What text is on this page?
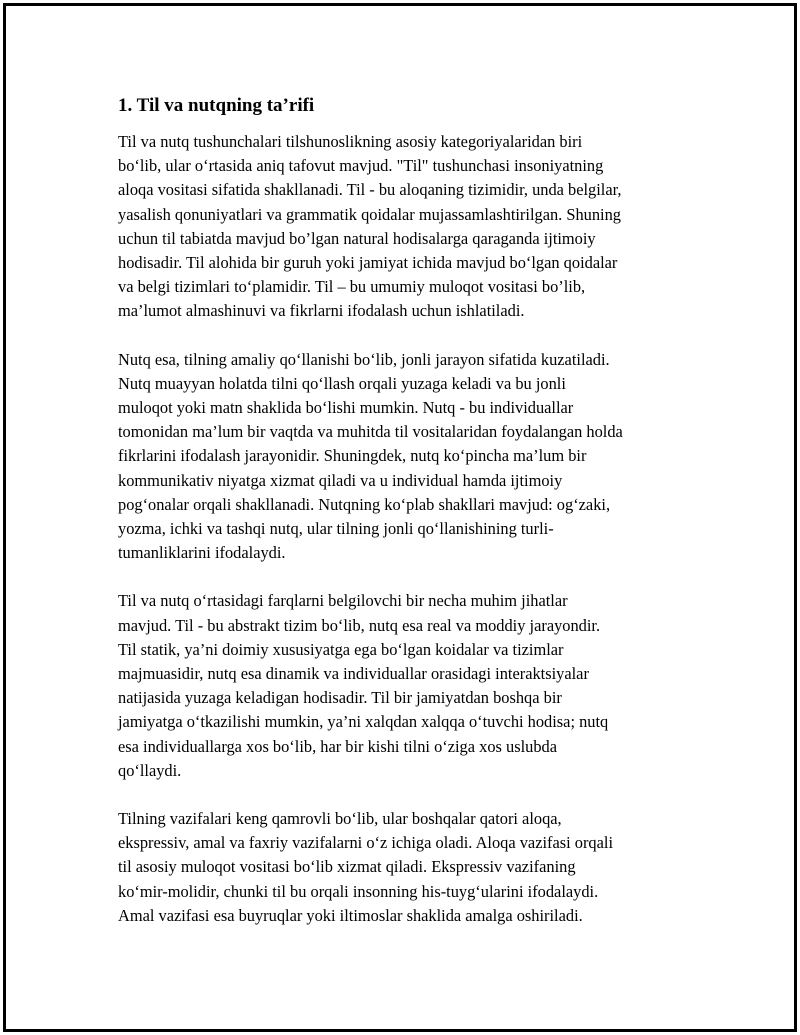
1. Til va nutqning ta’rifi

Til va nutq tushunchalari tilshunoslikning asosiy kategoriyalaridan biri
bo‘lib, ular o‘rtasida aniq tafovut mavjud. "Til" tushunchasi insoniyatning
aloqa vositasi sifatida shakllanadi. Til - bu aloqaning tizimidir, unda belgilar,
yasalish qonuniyatlari va grammatik qoidalar mujassamlashtirilgan. Shuning
uchun til tabiatda mavjud bo’lgan natural hodisalarga qaraganda ijtimoiy
hodisadir. Til alohida bir guruh yoki jamiyat ichida mavjud bo‘lgan qoidalar
va belgi tizimlari to‘plamidir. Til – bu umumiy muloqot vositasi bo’lib,
ma’lumot almashinuvi va fikrlarni ifodalash uchun ishlatiladi.

Nutq esa, tilning amaliy qo‘llanishi bo‘lib, jonli jarayon sifatida kuzatiladi.
Nutq muayyan holatda tilni qo‘llash orqali yuzaga keladi va bu jonli
muloqot yoki matn shaklida bo‘lishi mumkin. Nutq - bu individuallar
tomonidan ma’lum bir vaqtda va muhitda til vositalaridan foydalangan holda
fikrlarini ifodalash jarayonidir. Shuningdek, nutq ko‘pincha ma’lum bir
kommunikativ niyatga xizmat qiladi va u individual hamda ijtimoiy
pog‘onalar orqali shakllanadi. Nutqning ko‘plab shakllari mavjud: og‘zaki,
yozma, ichki va tashqi nutq, ular tilning jonli qo‘llanishining turli-
tumanliklarini ifodalaydi.

Til va nutq o‘rtasidagi farqlarni belgilovchi bir necha muhim jihatlar
mavjud. Til - bu abstrakt tizim bo‘lib, nutq esa real va moddiy jarayondir.
Til statik, ya’ni doimiy xususiyatga ega bo‘lgan koidalar va tizimlar
majmuasidir, nutq esa dinamik va individuallar orasidagi interaktsiyalar
natijasida yuzaga keladigan hodisadir. Til bir jamiyatdan boshqa bir
jamiyatga o‘tkazilishi mumkin, ya’ni xalqdan xalqqa o‘tuvchi hodisa; nutq
esa individuallarga xos bo‘lib, har bir kishi tilni o‘ziga xos uslubda
qo‘llaydi.

Tilning vazifalari keng qamrovli bo‘lib, ular boshqalar qatori aloqa,
ekspressiv, amal va faxriy vazifalarni o‘z ichiga oladi. Aloqa vazifasi orqali
til asosiy muloqot vositasi bo‘lib xizmat qiladi. Ekspressiv vazifaning
ko‘mir-molidir, chunki til bu orqali insonning his-tuyg‘ularini ifodalaydi.
Amal vazifasi esa buyruqlar yoki iltimoslar shaklida amalga oshiriladi.
